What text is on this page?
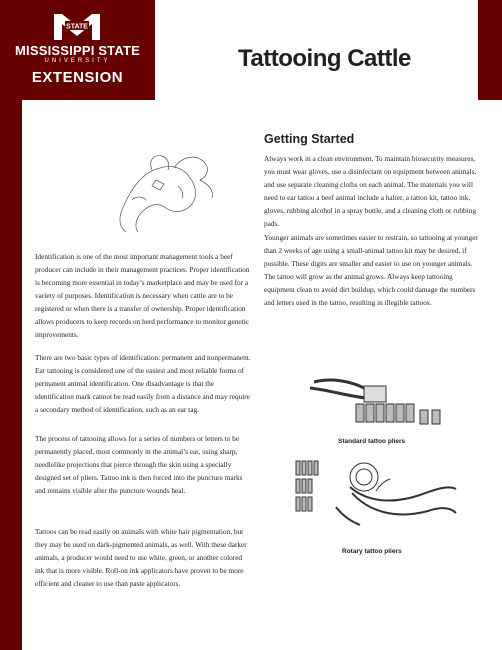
STATE
MISSISSIPPI STATE
UNIVERSITY
EXTENSION
Tattooing Cattle
Getting Started

Always work in a clean environment. To maintain biosecurity measures, you must wear gloves, use a disinfectant on equipment between animals, and use separate cleaning cloths on each animal. The materials you will need to ear tattoo a beef animal include a halter, a tattoo kit, tattoo ink, gloves, rubbing alcohol in a spray bottle, and a cleaning cloth or rubbing pads.

Younger animals are sometimes easier to restrain, so tattooing at younger than 2 weeks of age using a small-animal tattoo kit may be desired, if possible. These digits are smaller and easier to use on younger animals. The tattoo will grow as the animal grows. Always keep tattooing equipment clean to avoid dirt buildup, which could damage the numbers and letters used in the tattoo, resulting in illegible tattoos.

Identification is one of the most important management tools a beef producer can include in their management practices. Proper identification is becoming more essential in today’s marketplace and may be used for a variety of purposes. Identification is necessary when cattle are to be registered or when there is a transfer of ownership. Proper identification allows producers to keep records on herd performance to monitor genetic improvements.

There are two basic types of identification: permanent and nonpermanent. Ear tattooing is considered one of the easiest and most reliable forms of permanent animal identification. One disadvantage is that the identification mark cannot be read easily from a distance and may require a secondary method of identification, such as an ear tag.

The process of tattooing allows for a series of numbers or letters to be permanently placed, most commonly in the animal’s ear, using sharp, needlelike projections that pierce through the skin using a specially designed set of pliers. Tattoo ink is then forced into the puncture marks and remains visible after the puncture wounds heal.

Tattoos can be read easily on animals with white hair pigmentation, but they may be used on dark-pigmented animals, as well. With these darker animals, a producer would need to use white, green, or another colored ink that is more visible. Roll-on ink applicators have proven to be more efficient and cleaner to use than paste applicators.

Standard tattoo pliers

Rotary tattoo pliers
